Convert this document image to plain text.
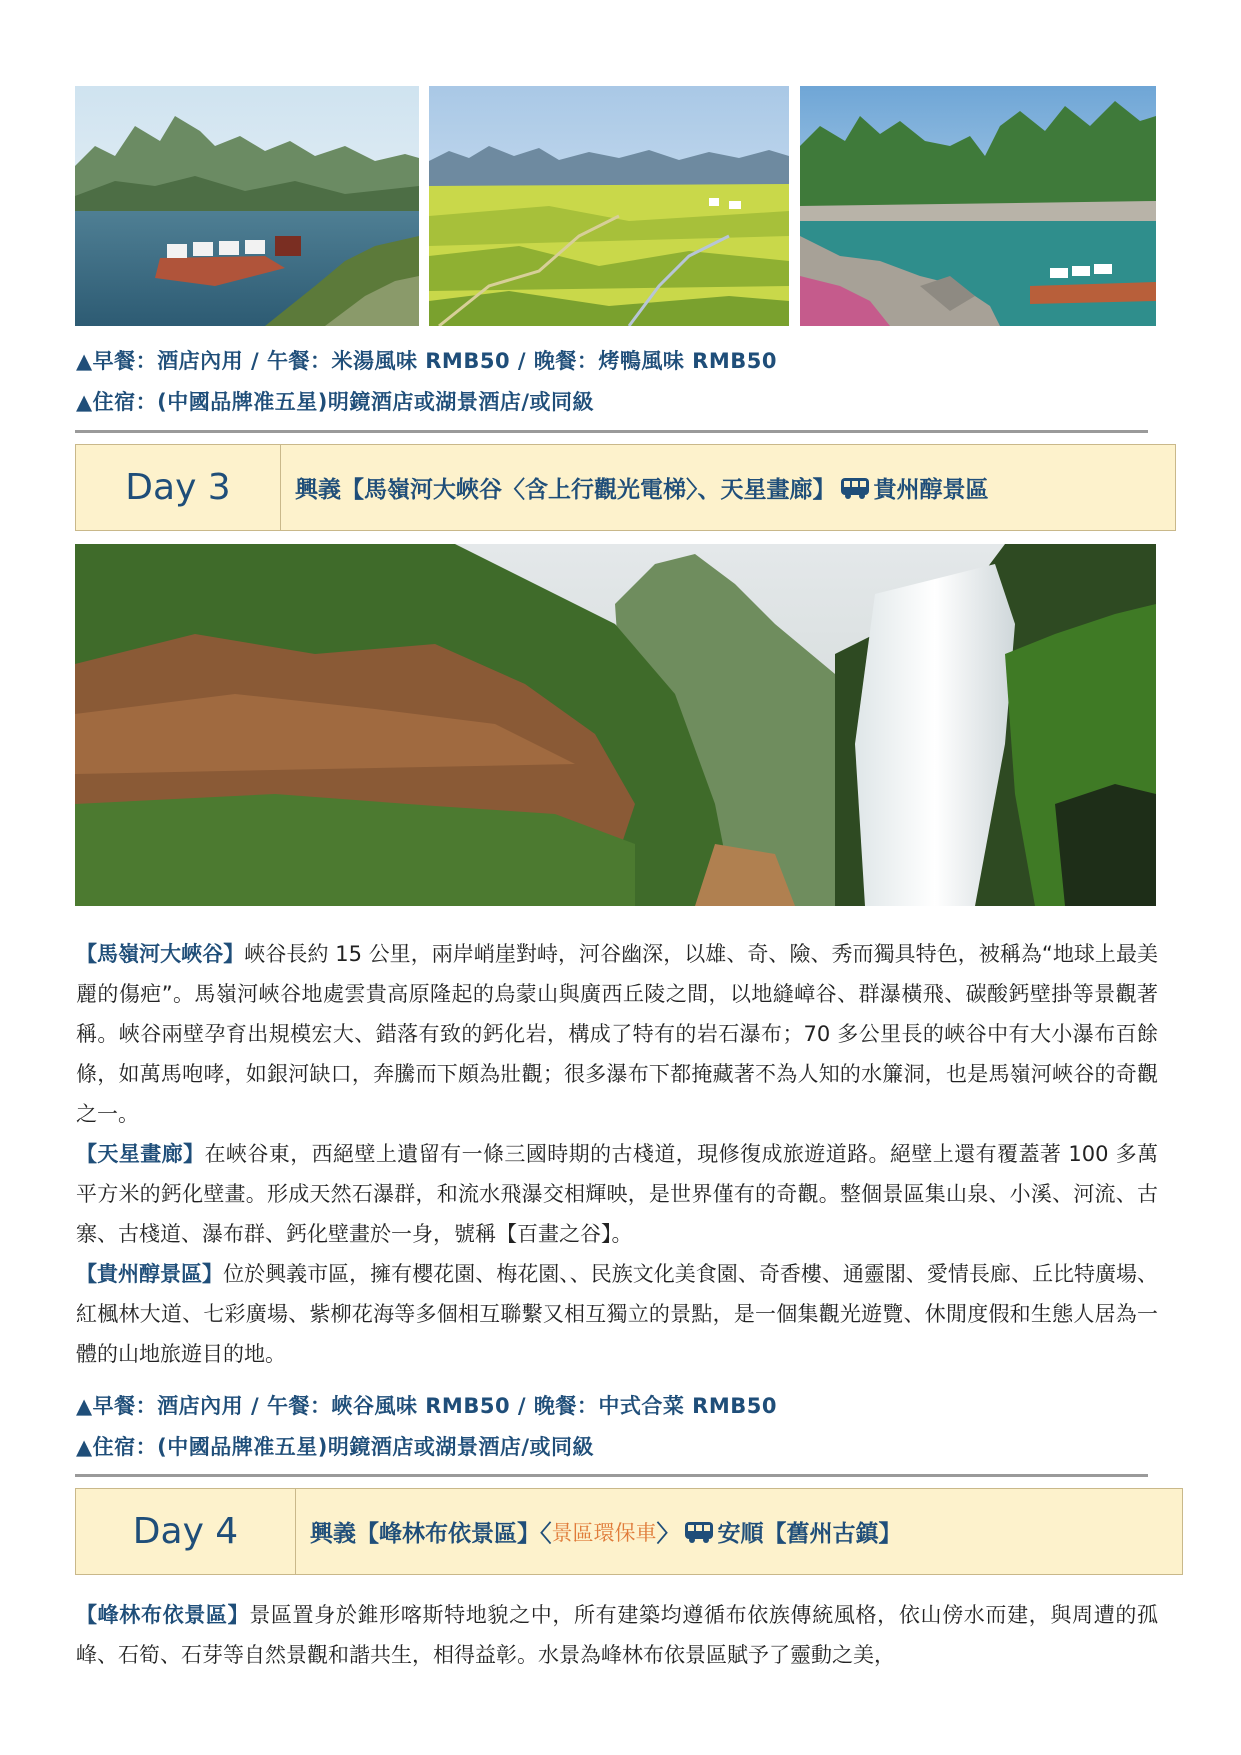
▲早餐：酒店內用 / 午餐：米湯風味 RMB50 / 晚餐：烤鴨風味 RMB50
▲住宿：(中國品牌准五星)明鏡酒店或湖景酒店/或同級
Day 3	興義【馬嶺河大峽谷〈含上行觀光電梯〉、天星畫廊】 貴州醇景區
【馬嶺河大峽谷】峽谷長約 15 公里，兩岸峭崖對峙，河谷幽深，以雄、奇、險、秀而獨具特色，被稱為“地球上最美麗的傷疤”。馬嶺河峽谷地處雲貴高原隆起的烏蒙山與廣西丘陵之間，以地縫嶂谷、群瀑橫飛、碳酸鈣壁掛等景觀著稱。峽谷兩壁孕育出規模宏大、錯落有致的鈣化岩，構成了特有的岩石瀑布；70 多公里長的峽谷中有大小瀑布百餘條，如萬馬咆哮，如銀河缺口，奔騰而下頗為壯觀；很多瀑布下都掩藏著不為人知的水簾洞，也是馬嶺河峽谷的奇觀之一。
【天星畫廊】在峽谷東，西絕壁上遺留有一條三國時期的古棧道，現修復成旅遊道路。絕壁上還有覆蓋著 100 多萬平方米的鈣化壁畫。形成天然石瀑群，和流水飛瀑交相輝映，是世界僅有的奇觀。整個景區集山泉、小溪、河流、古寨、古棧道、瀑布群、鈣化壁畫於一身，號稱【百畫之谷】。
【貴州醇景區】位於興義市區，擁有櫻花園、梅花園、、民族文化美食園、奇香樓、通靈閣、愛情長廊、丘比特廣場、紅楓林大道、七彩廣場、紫柳花海等多個相互聯繫又相互獨立的景點，是一個集觀光遊覽、休閒度假和生態人居為一體的山地旅遊目的地。
▲早餐：酒店內用 / 午餐：峽谷風味 RMB50 / 晚餐：中式合菜 RMB50
▲住宿：(中國品牌准五星)明鏡酒店或湖景酒店/或同級
Day 4	興義【峰林布依景區】〈 景區環保車 〉 安順【舊州古鎮】
【峰林布依景區】景區置身於錐形喀斯特地貌之中，所有建築均遵循布依族傳統風格，依山傍水而建，與周遭的孤峰、石筍、石芽等自然景觀和諧共生，相得益彰。水景為峰林布依景區賦予了靈動之美，
